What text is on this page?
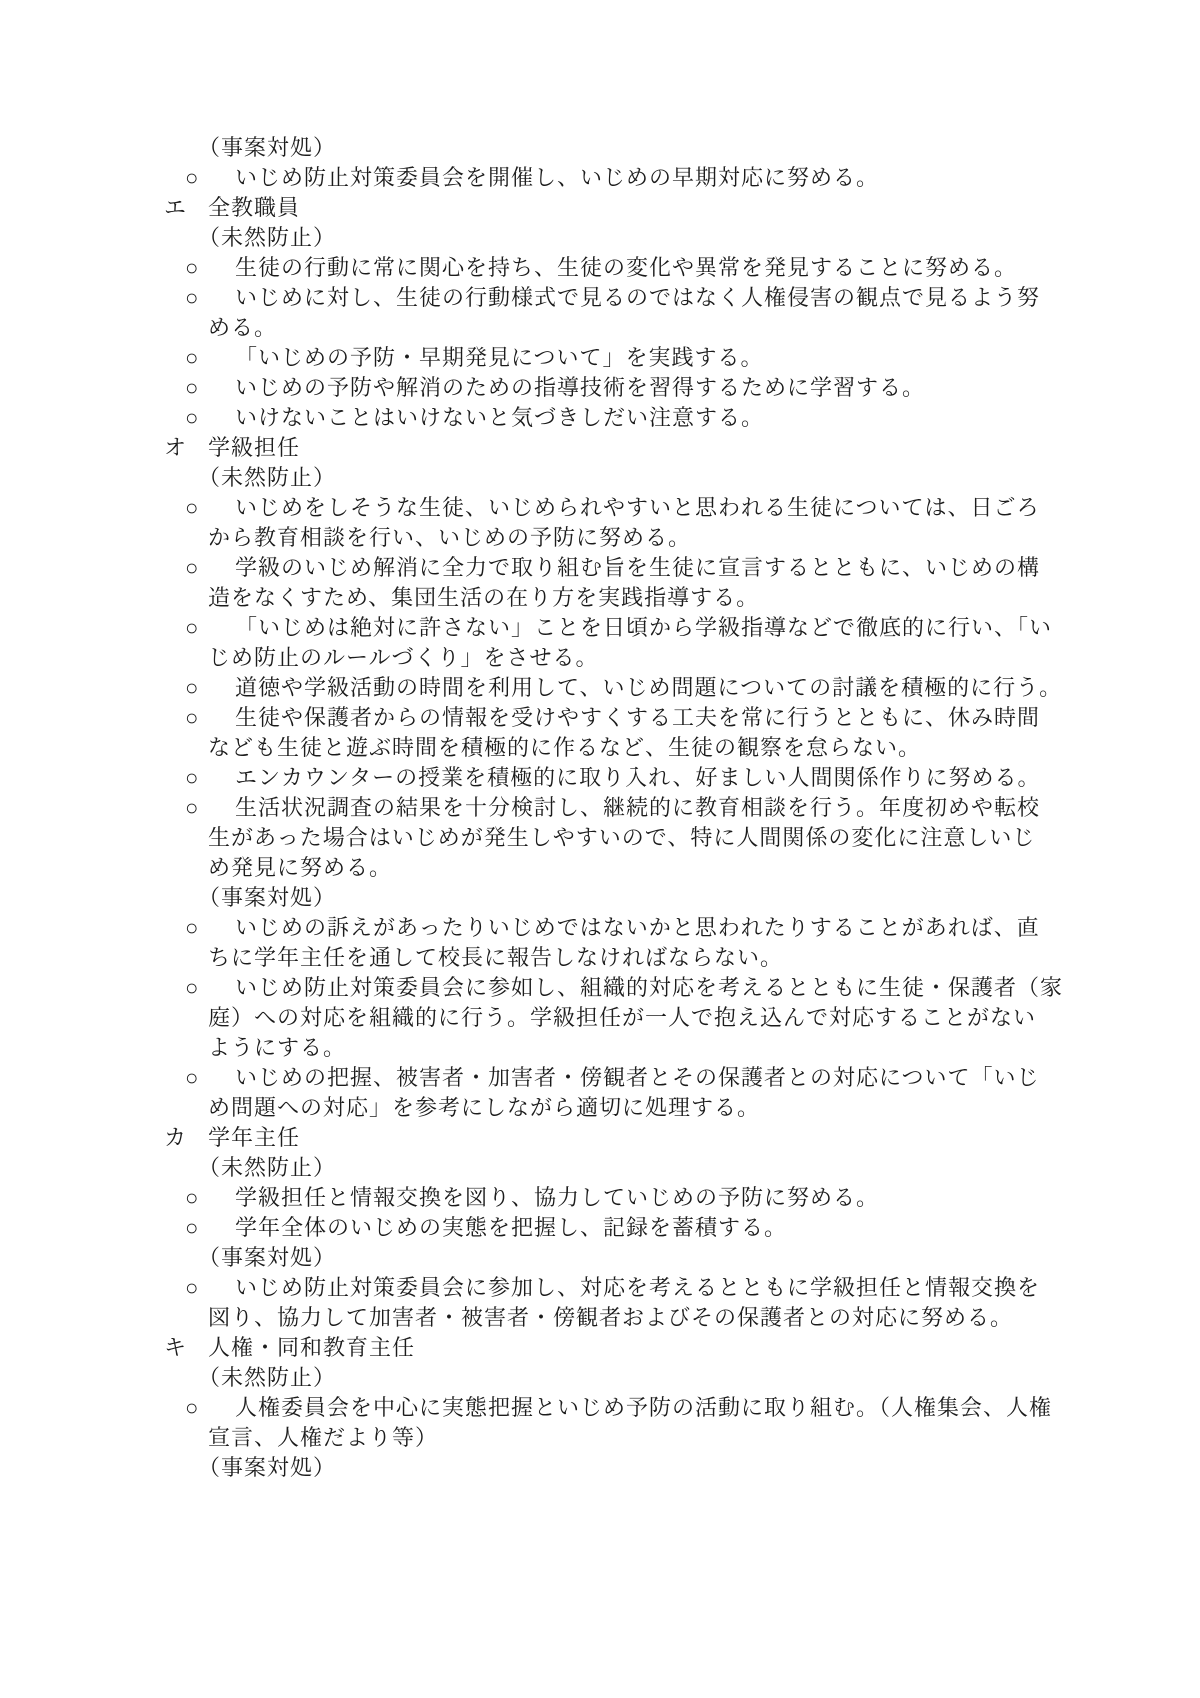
（事案対処）
○	いじめ防止対策委員会を開催し、いじめの早期対応に努める。
エ 全教職員
（未然防止）
○	生徒の行動に常に関心を持ち、生徒の変化や異常を発見することに努める。
○	いじめに対し、生徒の行動様式で見るのではなく人権侵害の観点で見るよう努
める。
○	「いじめの予防・早期発見について」を実践する。
○	いじめの予防や解消のための指導技術を習得するために学習する。
○	いけないことはいけないと気づきしだい注意する。
オ 学級担任
（未然防止）
○	いじめをしそうな生徒、いじめられやすいと思われる生徒については、日ごろ
から教育相談を行い、いじめの予防に努める。
○	学級のいじめ解消に全力で取り組む旨を生徒に宣言するとともに、いじめの構
造をなくすため、集団生活の在り方を実践指導する。
○	「いじめは絶対に許さない」ことを日頃から学級指導などで徹底的に行い、「い
じめ防止のルールづくり」をさせる。
○	道徳や学級活動の時間を利用して、いじめ問題についての討議を積極的に行う。
○	生徒や保護者からの情報を受けやすくする工夫を常に行うとともに、休み時間
なども生徒と遊ぶ時間を積極的に作るなど、生徒の観察を怠らない。
○	エンカウンターの授業を積極的に取り入れ、好ましい人間関係作りに努める。
○	生活状況調査の結果を十分検討し、継続的に教育相談を行う。年度初めや転校
生があった場合はいじめが発生しやすいので、特に人間関係の変化に注意しいじ
め発見に努める。
（事案対処）
○	いじめの訴えがあったりいじめではないかと思われたりすることがあれば、直
ちに学年主任を通して校長に報告しなければならない。
○	いじめ防止対策委員会に参如し、組織的対応を考えるとともに生徒・保護者（家
庭）への対応を組織的に行う。学級担任が一人で抱え込んで対応することがない
ようにする。
○	いじめの把握、被害者・加害者・傍観者とその保護者との対応について「いじ
め問題への対応」を参考にしながら適切に処理する。
カ 学年主任
（未然防止）
○	学級担任と情報交換を図り、協力していじめの予防に努める。
○	学年全体のいじめの実態を把握し、記録を蓄積する。
（事案対処）
○	いじめ防止対策委員会に参加し、対応を考えるとともに学級担任と情報交換を
図り、協力して加害者・被害者・傍観者およびその保護者との対応に努める。
キ 人権・同和教育主任
（未然防止）
○	人権委員会を中心に実態把握といじめ予防の活動に取り組む。（人権集会、人権
宣言、人権だより等）
（事案対処）
